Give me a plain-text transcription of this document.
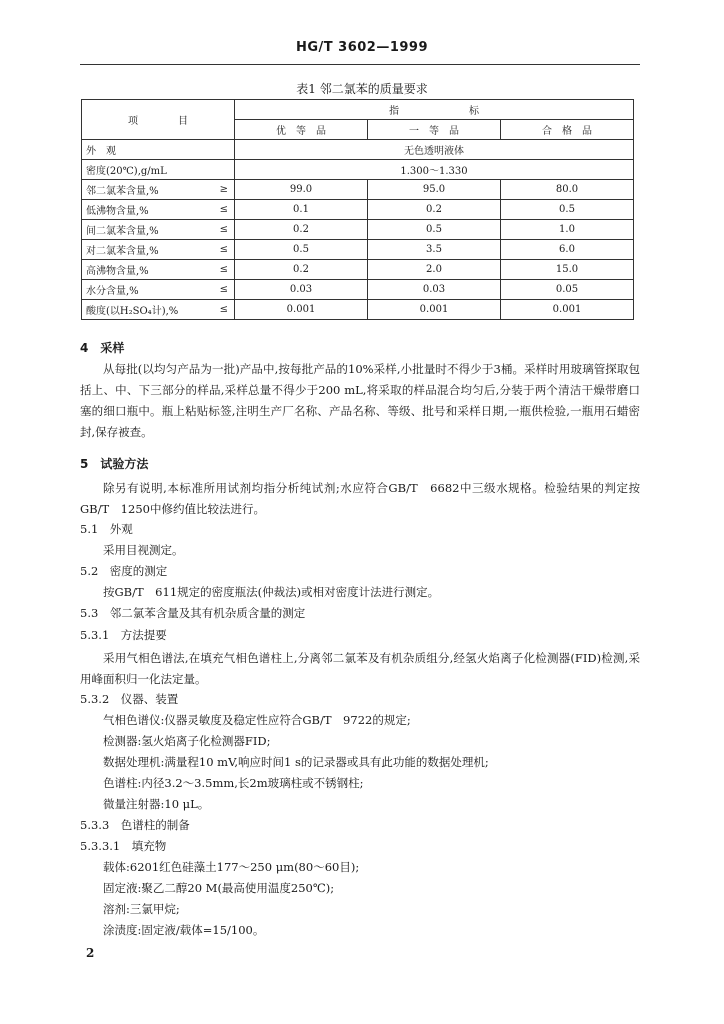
HG/T 3602—1999
表1 邻二氯苯的质量要求
项　　　　目		指　　　　　　　标		
		优　等　品	一　等　品	合　格　品
外　观		无色透明液体		
密度(20℃),g/mL		1.300～1.330		
邻二氯苯含量,%	≥	99.0	95.0	80.0
低沸物含量,%	≤	0.1	0.2	0.5
间二氯苯含量,%	≤	0.2	0.5	1.0
对二氯苯含量,%	≤	0.5	3.5	6.0
高沸物含量,%	≤	0.2	2.0	15.0
水分含量,%	≤	0.03	0.03	0.05
酸度(以H₂SO₄计),%	≤	0.001	0.001	0.001
4　采样
从每批(以均匀产品为一批)产品中,按每批产品的10%采样,小批量时不得少于3桶。采样时用玻璃管探取包括上、中、下三部分的样品,采样总量不得少于200 mL,将采取的样品混合均匀后,分装于两个清洁干燥带磨口塞的细口瓶中。瓶上粘贴标签,注明生产厂名称、产品名称、等级、批号和采样日期,一瓶供检验,一瓶用石蜡密封,保存被查。
5　试验方法
除另有说明,本标准所用试剂均指分析纯试剂;水应符合GB/T　6682中三级水规格。检验结果的判定按GB/T　1250中修约值比较法进行。
5.1　外观
采用目视测定。
5.2　密度的测定
按GB/T　611规定的密度瓶法(仲裁法)或相对密度计法进行测定。
5.3　邻二氯苯含量及其有机杂质含量的测定
5.3.1　方法提要
采用气相色谱法,在填充气相色谱柱上,分离邻二氯苯及有机杂质组分,经氢火焰离子化检测器(FID)检测,采用峰面积归一化法定量。
5.3.2　仪器、装置
气相色谱仪:仪器灵敏度及稳定性应符合GB/T　9722的规定;
检测器:氢火焰离子化检测器FID;
数据处理机:满量程10 mV,响应时间1 s的记录器或具有此功能的数据处理机;
色谱柱:内径3.2～3.5mm,长2m玻璃柱或不锈钢柱;
微量注射器:10 μL。
5.3.3　色谱柱的制备
5.3.3.1　填充物
载体:6201红色硅藻土177～250 μm(80～60目);
固定液:聚乙二醇20 M(最高使用温度250℃);
溶剂:三氯甲烷;
涂渍度:固定液/载体=15/100。
2
